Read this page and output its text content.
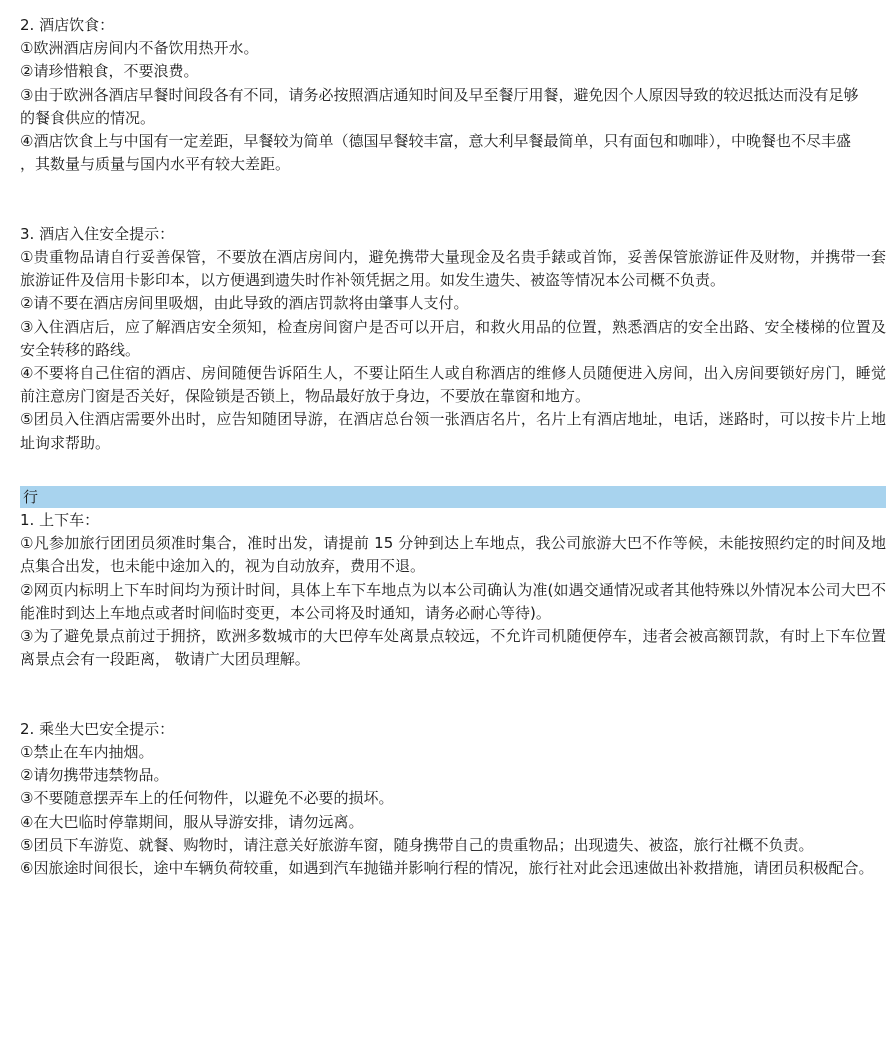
2. 酒店饮食：

①欧洲酒店房间内不备饮用热开水。

②请珍惜粮食，不要浪费。

③由于欧洲各酒店早餐时间段各有不同，请务必按照酒店通知时间及早至餐厅用餐，避免因个人原因导致的较迟抵达而没有足够

的餐食供应的情况。

④酒店饮食上与中国有一定差距，早餐较为简单（德国早餐较丰富，意大利早餐最简单，只有面包和咖啡），中晚餐也不尽丰盛

，其数量与质量与国内水平有较大差距。

3. 酒店入住安全提示：

①贵重物品请自行妥善保管，不要放在酒店房间内，避免携带大量现金及名贵手錶或首饰，妥善保管旅游证件及财物，并携带一套旅游证件及信用卡影印本，以方便遇到遗失时作补领凭据之用。如发生遗失、被盗等情况本公司概不负责。

②请不要在酒店房间里吸烟，由此导致的酒店罚款将由肇事人支付。

③入住酒店后，应了解酒店安全须知，检查房间窗户是否可以开启，和救火用品的位置，熟悉酒店的安全出路、安全楼梯的位置及安全转移的路线。

④不要将自己住宿的酒店、房间随便告诉陌生人，不要让陌生人或自称酒店的维修人员随便进入房间，出入房间要锁好房门，睡觉前注意房门窗是否关好，保险锁是否锁上，物品最好放于身边，不要放在靠窗和地方。

⑤团员入住酒店需要外出时，应告知随团导游，在酒店总台领一张酒店名片，名片上有酒店地址，电话，迷路时，可以按卡片上地址询求帮助。

行

1. 上下车：

①凡参加旅行团团员须准时集合，准时出发，请提前 15 分钟到达上车地点，我公司旅游大巴不作等候，未能按照约定的时间及地点集合出发，也未能中途加入的，视为自动放弃，费用不退。

②网页内标明上下车时间均为预计时间，具体上车下车地点为以本公司确认为准(如遇交通情况或者其他特殊以外情况本公司大巴不能准时到达上车地点或者时间临时变更，本公司将及时通知，请务必耐心等待)。

③为了避免景点前过于拥挤，欧洲多数城市的大巴停车处离景点较远，不允许司机随便停车，违者会被高额罚款，有时上下车位置离景点会有一段距离， 敬请广大团员理解。

2. 乘坐大巴安全提示：

①禁止在车内抽烟。

②请勿携带违禁物品。

③不要随意摆弄车上的任何物件，以避免不必要的损坏。

④在大巴临时停靠期间，服从导游安排，请勿远离。

⑤团员下车游览、就餐、购物时，请注意关好旅游车窗，随身携带自己的贵重物品；出现遗失、被盗，旅行社概不负责。

⑥因旅途时间很长，途中车辆负荷较重，如遇到汽车抛锚并影响行程的情况，旅行社对此会迅速做出补救措施，请团员积极配合。
